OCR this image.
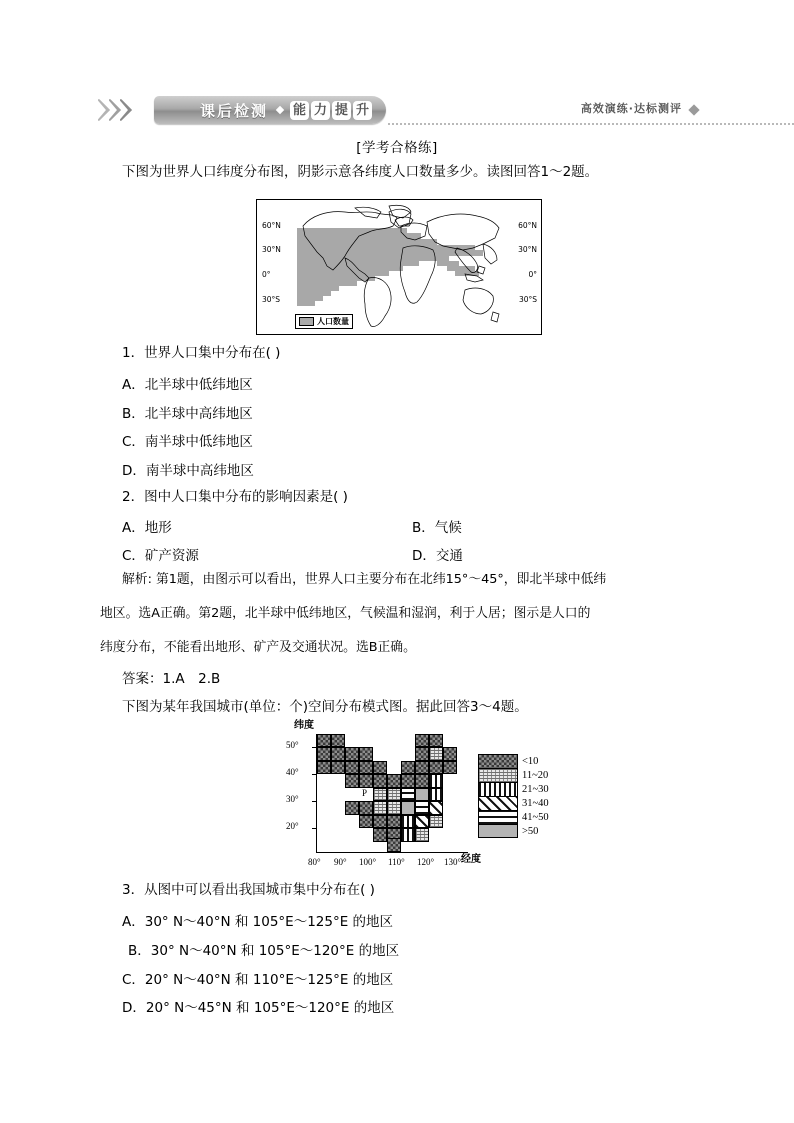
课后检测 能 力 提 升	高效演练·达标测评
[学考合格练]
下图为世界人口纬度分布图，阴影示意各纬度人口数量多少。读图回答1～2题。
60°N
30°N
0°
30°S
60°N
30°N
0°
30°S
人口数量
1．世界人口集中分布在( )
A．北半球中低纬地区
B．北半球中高纬地区
C．南半球中低纬地区
D．南半球中高纬地区
2．图中人口集中分布的影响因素是( )
A．地形	B．气候
C．矿产资源	D．交通
解析: 第1题，由图示可以看出，世界人口主要分布在北纬15°～45°，即北半球中低纬
地区。选A正确。第2题，北半球中低纬地区，气候温和湿润，利于人居；图示是人口的
纬度分布，不能看出地形、矿产及交通状况。选B正确。
答案：1.A　2.B
下图为某年我国城市(单位：个)空间分布模式图。据此回答3～4题。
纬度
经度
50°
40°
30°
20°
80° 90° 100° 110° 120° 130°
P
<10
11~20
21~30
31~40
41~50
>50
3．从图中可以看出我国城市集中分布在( )
A．30° N～40°N 和 105°E～125°E 的地区
B．30° N～40°N 和 105°E～120°E 的地区
C．20° N～40°N 和 110°E～125°E 的地区
D．20° N～45°N 和 105°E～120°E 的地区
